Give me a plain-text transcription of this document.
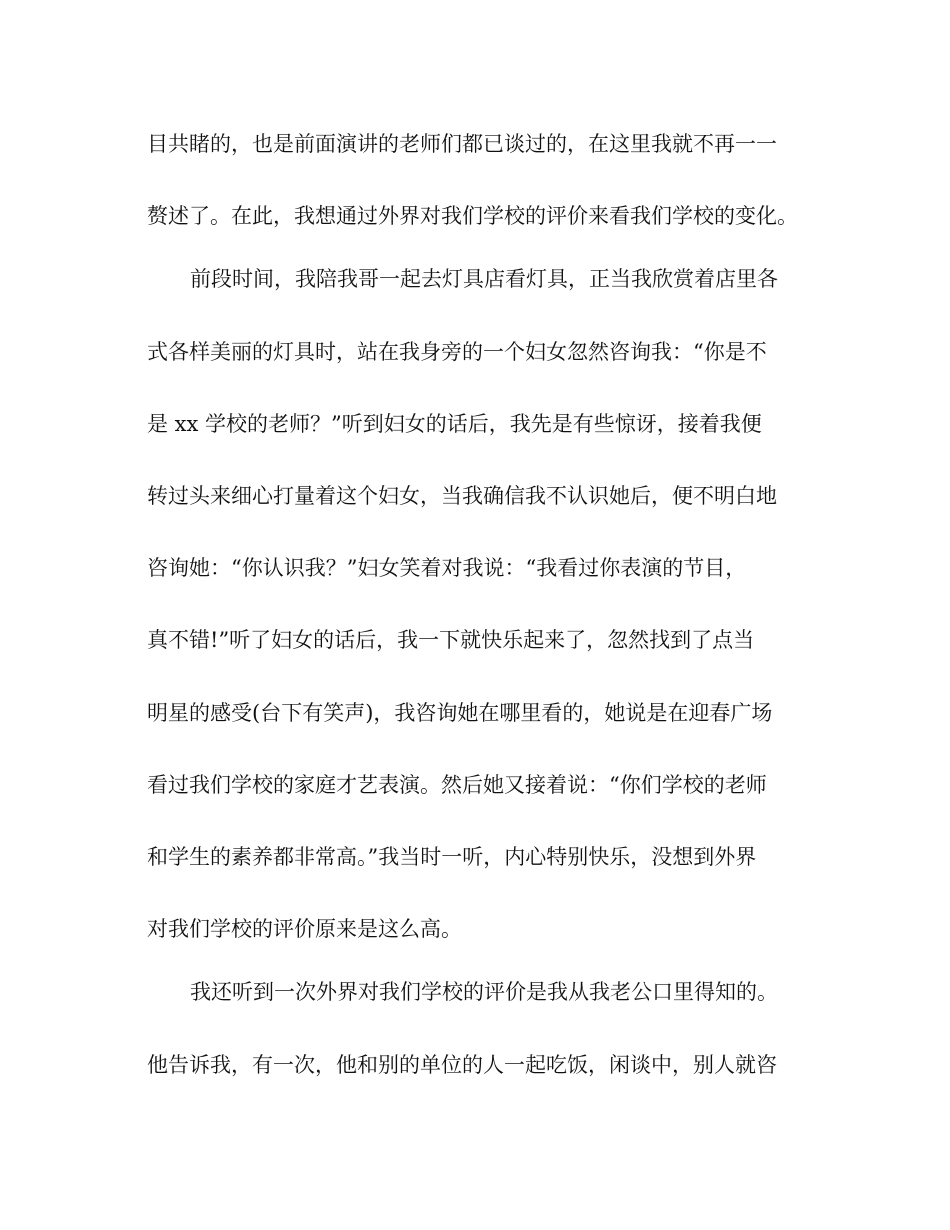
目共睹的，也是前面演讲的老师们都已谈过的，在这里我就不再一一
赘述了。在此，我想通过外界对我们学校的评价来看我们学校的变化。
前段时间，我陪我哥一起去灯具店看灯具，正当我欣赏着店里各
式各样美丽的灯具时，站在我身旁的一个妇女忽然咨询我：“你是不
是 xx 学校的老师？”听到妇女的话后，我先是有些惊讶，接着我便
转过头来细心打量着这个妇女，当我确信我不认识她后，便不明白地
咨询她：“你认识我？”妇女笑着对我说：“我看过你表演的节目，
真不错!”听了妇女的话后，我一下就快乐起来了，忽然找到了点当
明星的感受(台下有笑声)，我咨询她在哪里看的，她说是在迎春广场
看过我们学校的家庭才艺表演。然后她又接着说：“你们学校的老师
和学生的素养都非常高。”我当时一听，内心特别快乐，没想到外界
对我们学校的评价原来是这么高。
我还听到一次外界对我们学校的评价是我从我老公口里得知的。
他告诉我，有一次，他和别的单位的人一起吃饭，闲谈中，别人就咨
